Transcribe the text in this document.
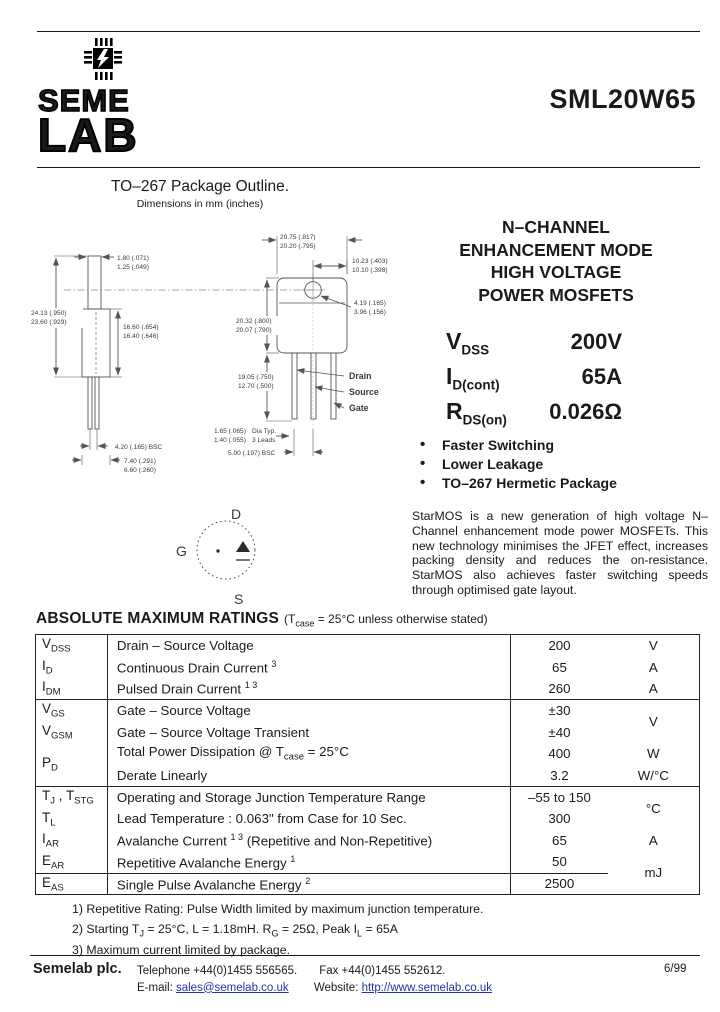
SEME
LAB
SML20W65
TO–267 Package Outline.
Dimensions in mm (inches)
1.80 (.071)
1.25 (.049)
24.13 (.950)
23.60 (.929)
16.60 (.654)
16.40 (.646)
4.20 (.165) BSC
7.40 (.291)
6.60 (.260)
20.75 (.817)
20.20 (.795)
10.23 (.403)
10.10 (.398)
4.19 (.165)
3.96 (.156)
20.32 (.800)
20.07 (.790)
19.05 (.750)
12.70 (.500)
1.65 (.065) Dia Typ.
1.40 (.055) 3 Leads
5.00 (.197) BSC
Drain
Source
Gate
D
G
S
N–CHANNEL
ENHANCEMENT MODE
HIGH VOLTAGE
POWER MOSFETS
$V_{DSS}$	200V
$I_{D(cont)}$	65A
$R_{DS(on)}$ 0.026Ω
• Faster Switching
• Lower Leakage
• TO–267 Hermetic Package

StarMOS is a new generation of high voltage N–Channel enhancement mode power MOSFETs. This new technology minimises the JFET effect, increases packing density and reduces the on-resistance. StarMOS also achieves faster switching speeds through optimised gate layout.

ABSOLUTE MAXIMUM RATINGS ($T_{case} = 25^\circ C$ unless otherwise stated)
$V_{DSS}$	Drain – Source Voltage	200	V
$I_D$	Continuous Drain Current $^3$	65	A
$I_{DM}$	Pulsed Drain Current $^{1 3}$	260	A
$V_{GS}$	Gate – Source Voltage	±30	V
$V_{GSM}$	Gate – Source Voltage Transient	±40	
$P_D$	Total Power Dissipation @ $T_{case} = 25^\circ C$	400	W
	Derate Linearly	3.2	W/°C
$T_J$ , $T_{STG}$	Operating and Storage Junction Temperature Range	–55 to 150	°C
$T_L$	Lead Temperature : 0.063" from Case for 10 Sec.	300	
$I_{AR}$	Avalanche Current $^{1 3}$ (Repetitive and Non-Repetitive)	65	A
$E_{AR}$	Repetitive Avalanche Energy $^1$	50	mJ
$E_{AS}$	Single Pulse Avalanche Energy $^2$	2500	
1) Repetitive Rating: Pulse Width limited by maximum junction temperature.
2) Starting $T_J = 25^\circ C$, L = 1.18mH. $R_G = 25\Omega$, Peak $I_L = 65A$
3) Maximum current limited by package.
Semelab plc. Telephone +44(0)1455 556565. Fax +44(0)1455 552612.
E-mail: sales@semelab.co.uk Website: http://www.semelab.co.uk
6/99
